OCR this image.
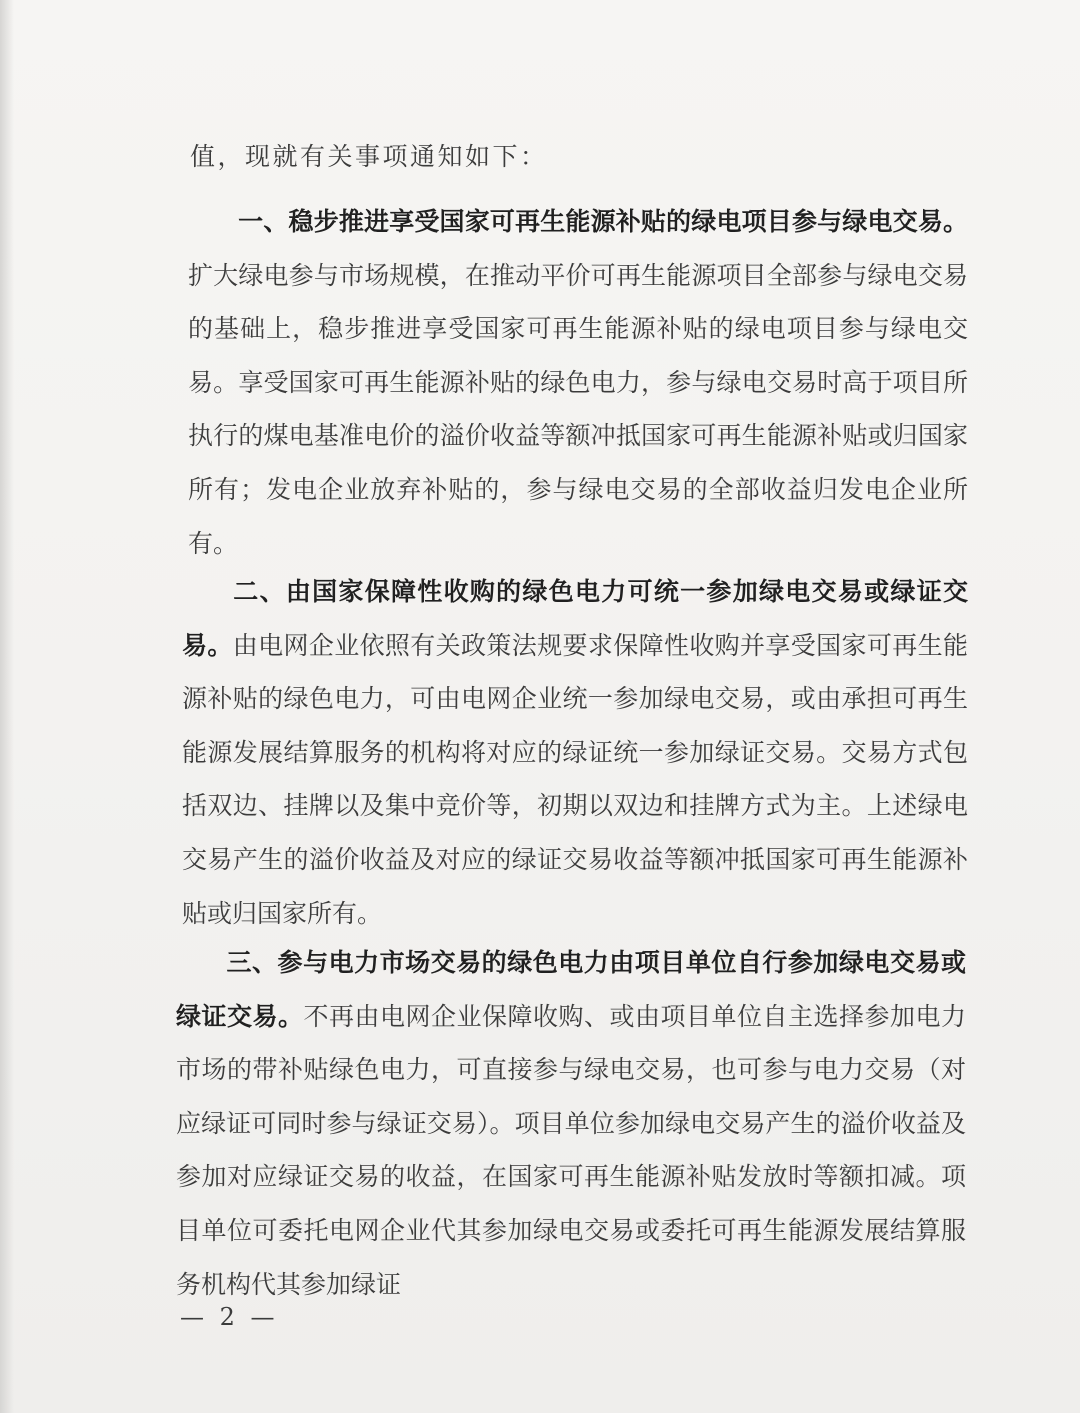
值，现就有关事项通知如下：
一、稳步推进享受国家可再生能源补贴的绿电项目参与绿电交易。扩大绿电参与市场规模，在推动平价可再生能源项目全部参与绿电交易的基础上，稳步推进享受国家可再生能源补贴的绿电项目参与绿电交易。享受国家可再生能源补贴的绿色电力，参与绿电交易时高于项目所执行的煤电基准电价的溢价收益等额冲抵国家可再生能源补贴或归国家所有；发电企业放弃补贴的，参与绿电交易的全部收益归发电企业所有。
二、由国家保障性收购的绿色电力可统一参加绿电交易或绿证交易。由电网企业依照有关政策法规要求保障性收购并享受国家可再生能源补贴的绿色电力，可由电网企业统一参加绿电交易，或由承担可再生能源发展结算服务的机构将对应的绿证统一参加绿证交易。交易方式包括双边、挂牌以及集中竞价等，初期以双边和挂牌方式为主。上述绿电交易产生的溢价收益及对应的绿证交易收益等额冲抵国家可再生能源补贴或归国家所有。
三、参与电力市场交易的绿色电力由项目单位自行参加绿电交易或绿证交易。不再由电网企业保障收购、或由项目单位自主选择参加电力市场的带补贴绿色电力，可直接参与绿电交易，也可参与电力交易（对应绿证可同时参与绿证交易）。项目单位参加绿电交易产生的溢价收益及参加对应绿证交易的收益，在国家可再生能源补贴发放时等额扣减。项目单位可委托电网企业代其参加绿电交易或委托可再生能源发展结算服务机构代其参加绿证
— 2 —
